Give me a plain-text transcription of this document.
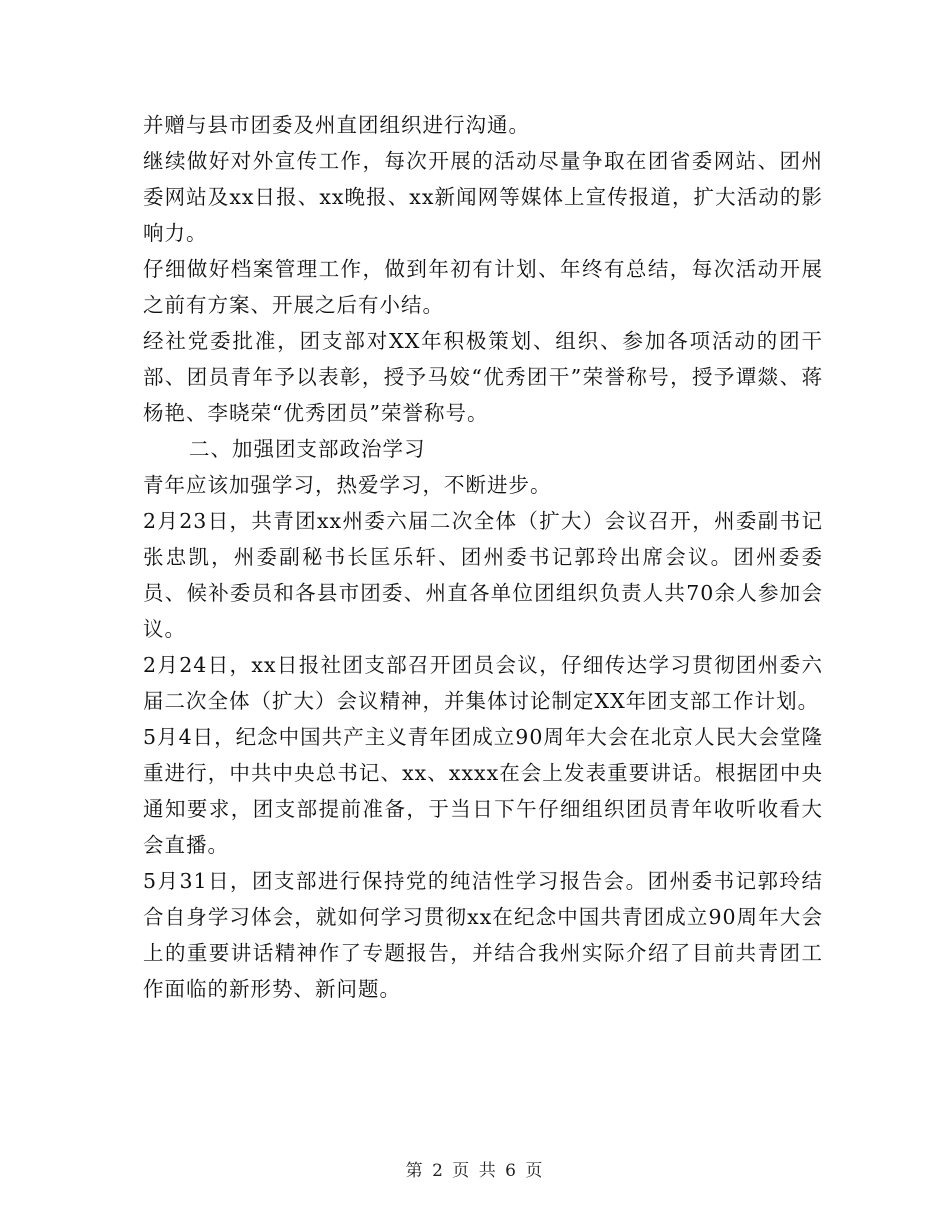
并赠与县市团委及州直团组织进行沟通。

继续做好对外宣传工作，每次开展的活动尽量争取在团省委网站、团州委网站及xx日报、xx晚报、xx新闻网等媒体上宣传报道，扩大活动的影响力。

仔细做好档案管理工作，做到年初有计划、年终有总结，每次活动开展之前有方案、开展之后有小结。

经社党委批准，团支部对XX年积极策划、组织、参加各项活动的团干部、团员青年予以表彰，授予马姣“优秀团干”荣誉称号，授予谭燚、蒋杨艳、李晓荣“优秀团员”荣誉称号。

二、加强团支部政治学习

青年应该加强学习，热爱学习，不断进步。

2月23日，共青团xx州委六届二次全体（扩大）会议召开，州委副书记张忠凯，州委副秘书长匡乐轩、团州委书记郭玲出席会议。团州委委员、候补委员和各县市团委、州直各单位团组织负责人共70余人参加会议。

2月24日，xx日报社团支部召开团员会议，仔细传达学习贯彻团州委六届二次全体（扩大）会议精神，并集体讨论制定XX年团支部工作计划。

5月4日，纪念中国共产主义青年团成立90周年大会在北京人民大会堂隆重进行，中共中央总书记、xx、xxxx在会上发表重要讲话。根据团中央通知要求，团支部提前准备，于当日下午仔细组织团员青年收听收看大会直播。

5月31日，团支部进行保持党的纯洁性学习报告会。团州委书记郭玲结合自身学习体会，就如何学习贯彻xx在纪念中国共青团成立90周年大会上的重要讲话精神作了专题报告，并结合我州实际介绍了目前共青团工作面临的新形势、新问题。

第 2 页 共 6 页
